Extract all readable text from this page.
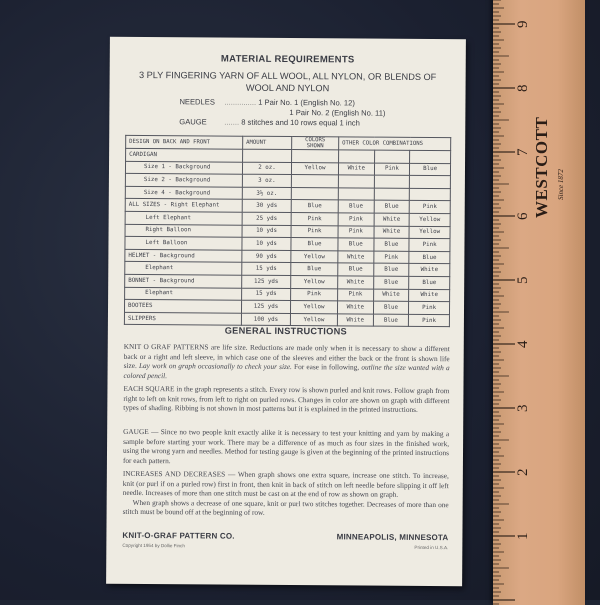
MATERIAL REQUIREMENTS
3 PLY FINGERING YARN OF ALL WOOL, ALL NYLON, OR BLENDS OF WOOL AND NYLON
NEEDLES ............... 1 Pair No. 1 (English No. 12)
1 Pair No. 2 (English No. 11)
GAUGE ....... 8 stitches and 10 rows equal 1 inch
DESIGN ON BACK AND FRONT	AMOUNT	COLORS SHOWN	OTHER COLOR COMBINATIONS		
CARDIGAN					
Size 1 - Background	2 oz.	Yellow	White	Pink	Blue
Size 2 - Background	3 oz.				
Size 4 - Background	3½ oz.				
ALL SIZES - Right Elephant	30 yds	Blue	Blue	Blue	Pink
Left Elephant	25 yds	Pink	Pink	White	Yellow
Right Balloon	10 yds	Pink	Pink	White	Yellow
Left Balloon	10 yds	Blue	Blue	Blue	Pink
HELMET - Background	90 yds	Yellow	White	Pink	Blue
Elephant	15 yds	Blue	Blue	Blue	White
BONNET - Background	125 yds	Yellow	White	Blue	Blue
Elephant	15 yds	Pink	Pink	White	White
BOOTEES	125 yds	Yellow	White	Blue	Pink
SLIPPERS	100 yds	Yellow	White	Blue	Pink
GENERAL INSTRUCTIONS
KNIT O GRAF PATTERNS are life size. Reductions are made only when it is necessary to show a different back or a right and left sleeve, in which case one of the sleeves and either the back or the front is shown life size. Lay work on graph occasionally to check your size. For ease in following, outline the size wanted with a colored pencil.
EACH SQUARE in the graph represents a stitch. Every row is shown purled and knit rows. Follow graph from right to left on knit rows, from left to right on purled rows. Changes in color are shown on graph with different types of shading. Ribbing is not shown in most patterns but it is explained in the printed instructions.
GAUGE — Since no two people knit exactly alike it is necessary to test your knitting and yarn by making a sample before starting your work. There may be a difference of as much as four sizes in the finished work, using the wrong yarn and needles. Method for testing gauge is given at the beginning of the printed instructions for each pattern.
INCREASES AND DECREASES — When graph shows one extra square, increase one stitch. To increase, knit (or purl if on a purled row) first in front, then knit in back of stitch on left needle before slipping it off left needle. Increases of more than one stitch must be cast on at the end of row as shown on graph.
When graph shows a decrease of one square, knit or purl two stitches together. Decreases of more than one stitch must be bound off at the beginning of row.
KNIT-O-GRAF PATTERN CO.	MINNEAPOLIS, MINNESOTA
Copyright 1954 by Dollie Finch	Printed in U.S.A.
9
8
7
6
5
4
3
2
1
WESTCOTT Since 1872
